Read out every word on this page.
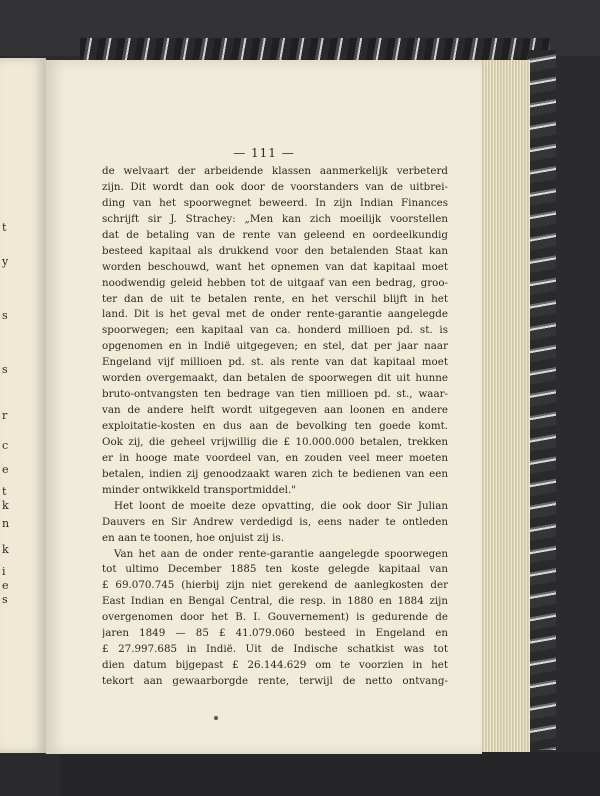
t
y
s
s
r
c
e
t
k
n
k
i
e
s
— 111 —
de welvaart der arbeidende klassen aanmerkelijk verbeterd
zijn. Dit wordt dan ook door de voorstanders van de uitbrei-
ding van het spoorwegnet beweerd. In zijn Indian Finances
schrijft sir J. Strachey: „Men kan zich moeilijk voorstellen
dat de betaling van de rente van geleend en oordeelkundig
besteed kapitaal als drukkend voor den betalenden Staat kan
worden beschouwd, want het opnemen van dat kapitaal moet
noodwendig geleid hebben tot de uitgaaf van een bedrag, groo-
ter dan de uit te betalen rente, en het verschil blijft in het
land. Dit is het geval met de onder rente-garantie aangelegde
spoorwegen; een kapitaal van ca. honderd millioen pd. st. is
opgenomen en in Indië uitgegeven; en stel, dat per jaar naar
Engeland vijf millioen pd. st. als rente van dat kapitaal moet
worden overgemaakt, dan betalen de spoorwegen dit uit hunne
bruto-ontvangsten ten bedrage van tien millioen pd. st., waar-
van de andere helft wordt uitgegeven aan loonen en andere
exploitatie-kosten en dus aan de bevolking ten goede komt.
Ook zij, die geheel vrijwillig die £ 10.000.000 betalen, trekken
er in hooge mate voordeel van, en zouden veel meer moeten
betalen, indien zij genoodzaakt waren zich te bedienen van een
minder ontwikkeld transportmiddel."
Het loont de moeite deze opvatting, die ook door Sir Julian
Dauvers en Sir Andrew verdedigd is, eens nader te ontleden
en aan te toonen, hoe onjuist zij is.
Van het aan de onder rente-garantie aangelegde spoorwegen
tot ultimo December 1885 ten koste gelegde kapitaal van
£ 69.070.745 (hierbij zijn niet gerekend de aanlegkosten der
East Indian en Bengal Central, die resp. in 1880 en 1884 zijn
overgenomen door het B. I. Gouvernement) is gedurende de
jaren 1849 — 85 £ 41.079.060 besteed in Engeland en
£ 27.997.685 in Indië. Uit de Indische schatkist was tot
dien datum bijgepast £ 26.144.629 om te voorzien in het
tekort aan gewaarborgde rente, terwijl de netto ontvang-
